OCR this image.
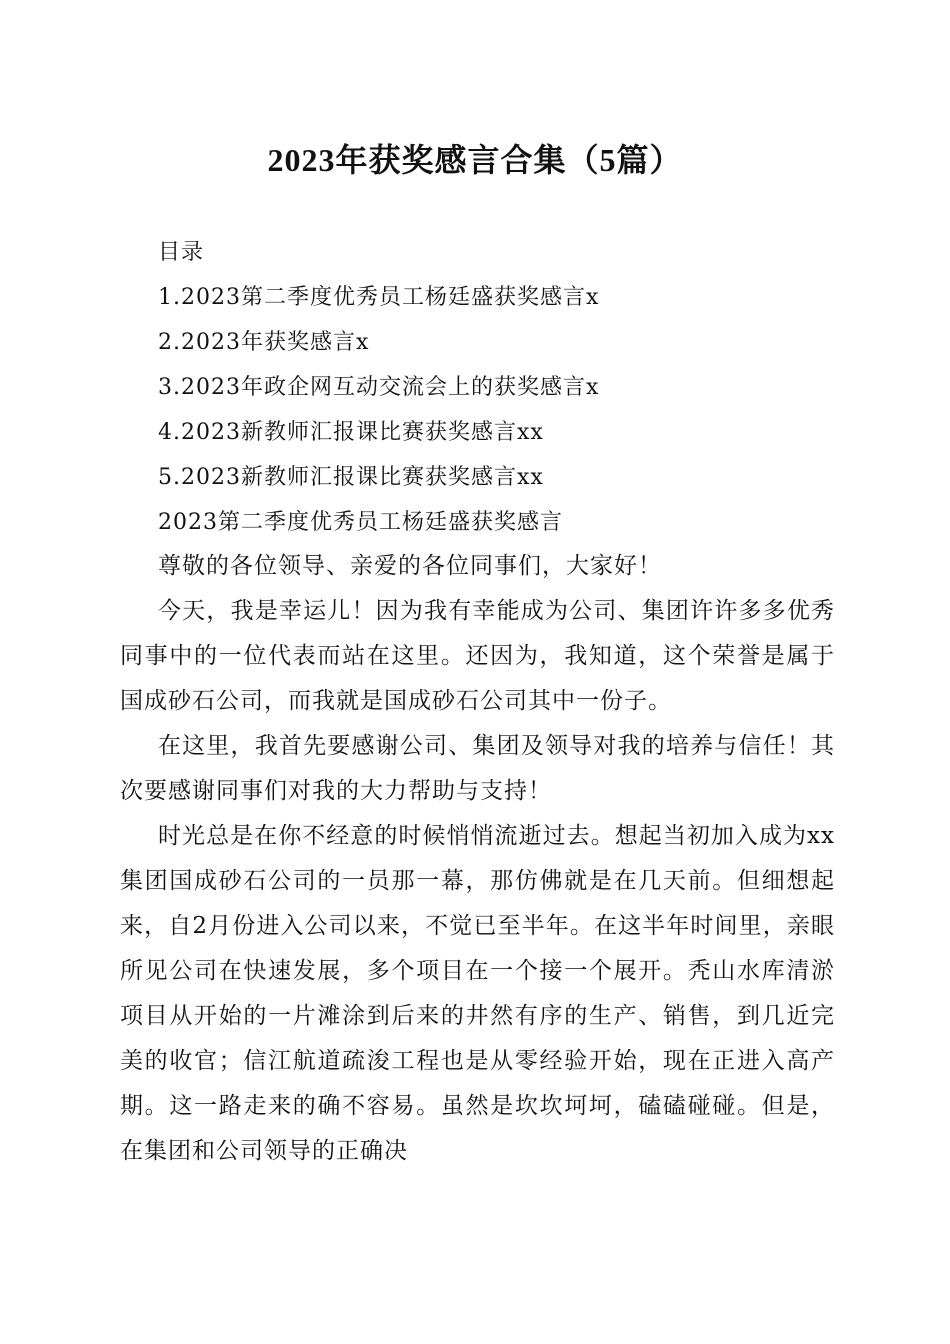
2023年获奖感言合集（5篇）
目录
1.2023第二季度优秀员工杨廷盛获奖感言x
2.2023年获奖感言x
3.2023年政企网互动交流会上的获奖感言x
4.2023新教师汇报课比赛获奖感言xx
5.2023新教师汇报课比赛获奖感言xx
2023第二季度优秀员工杨廷盛获奖感言

尊敬的各位领导、亲爱的各位同事们，大家好！

今天，我是幸运儿！因为我有幸能成为公司、集团许许多多优秀同事中的一位代表而站在这里。还因为，我知道，这个荣誉是属于国成砂石公司，而我就是国成砂石公司其中一份子。

在这里，我首先要感谢公司、集团及领导对我的培养与信任！其次要感谢同事们对我的大力帮助与支持！

时光总是在你不经意的时候悄悄流逝过去。想起当初加入成为xx集团国成砂石公司的一员那一幕，那仿佛就是在几天前。但细想起来，自2月份进入公司以来，不觉已至半年。在这半年时间里，亲眼所见公司在快速发展，多个项目在一个接一个展开。秃山水库清淤项目从开始的一片滩涂到后来的井然有序的生产、销售，到几近完美的收官；信江航道疏浚工程也是从零经验开始，现在正进入高产期。这一路走来的确不容易。虽然是坎坎坷坷，磕磕碰碰。但是，在集团和公司领导的正确决
